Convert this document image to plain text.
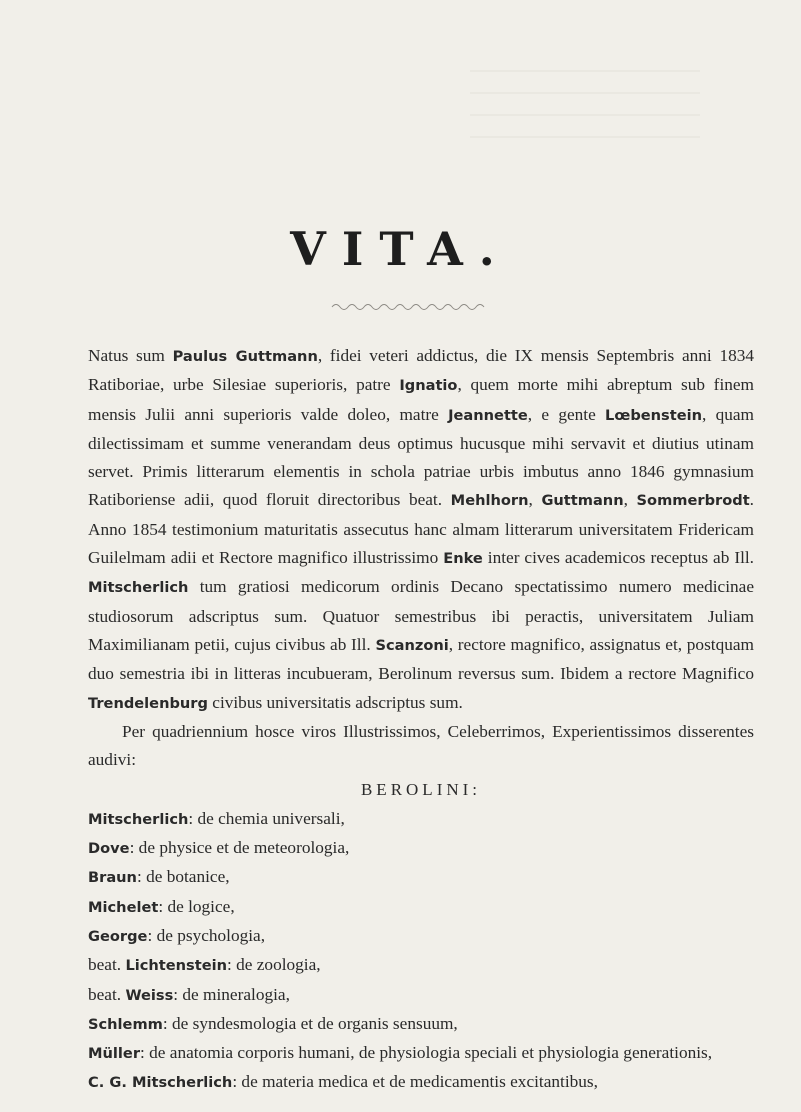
VITA.

Natus sum Paulus Guttmann, fidei veteri addictus, die IX mensis Septembris anni 1834 Ratiboriae, urbe Silesiae superioris, patre Ignatio, quem morte mihi abreptum sub finem mensis Julii anni superioris valde doleo, matre Jeannette, e gente Lœbenstein, quam dilectissimam et summe venerandam deus optimus hucusque mihi servavit et diutius utinam servet. Primis litterarum elementis in schola patriae urbis imbutus anno 1846 gymnasium Ratiboriense adii, quod floruit directoribus beat. Mehlhorn, Guttmann, Sommerbrodt. Anno 1854 testimonium maturitatis assecutus hanc almam litterarum universitatem Fridericam Guilelmam adii et Rectore magnifico illustrissimo Enke inter cives academicos receptus ab Ill. Mitscherlich tum gratiosi medicorum ordinis Decano spectatissimo numero medicinae studiosorum adscriptus sum. Quatuor semestribus ibi peractis, universitatem Juliam Maximilianam petii, cujus civibus ab Ill. Scanzoni, rectore magnifico, assignatus et, postquam duo semestria ibi in litteras incubueram, Berolinum reversus sum. Ibidem a rectore Magnifico Trendelenburg civibus universitatis adscriptus sum.

Per quadriennium hosce viros Illustrissimos, Celeberrimos, Experientissimos disserentes audivi:

BEROLINI:

Mitscherlich: de chemia universali,
Dove: de physice et de meteorologia,
Braun: de botanice,
Michelet: de logice,
George: de psychologia,
beat. Lichtenstein: de zoologia,
beat. Weiss: de mineralogia,
Schlemm: de syndesmologia et de organis sensuum,
Müller: de anatomia corporis humani, de physiologia speciali et physiologia generationis,
C. G. Mitscherlich: de materia medica et de medicamentis excitantibus,
